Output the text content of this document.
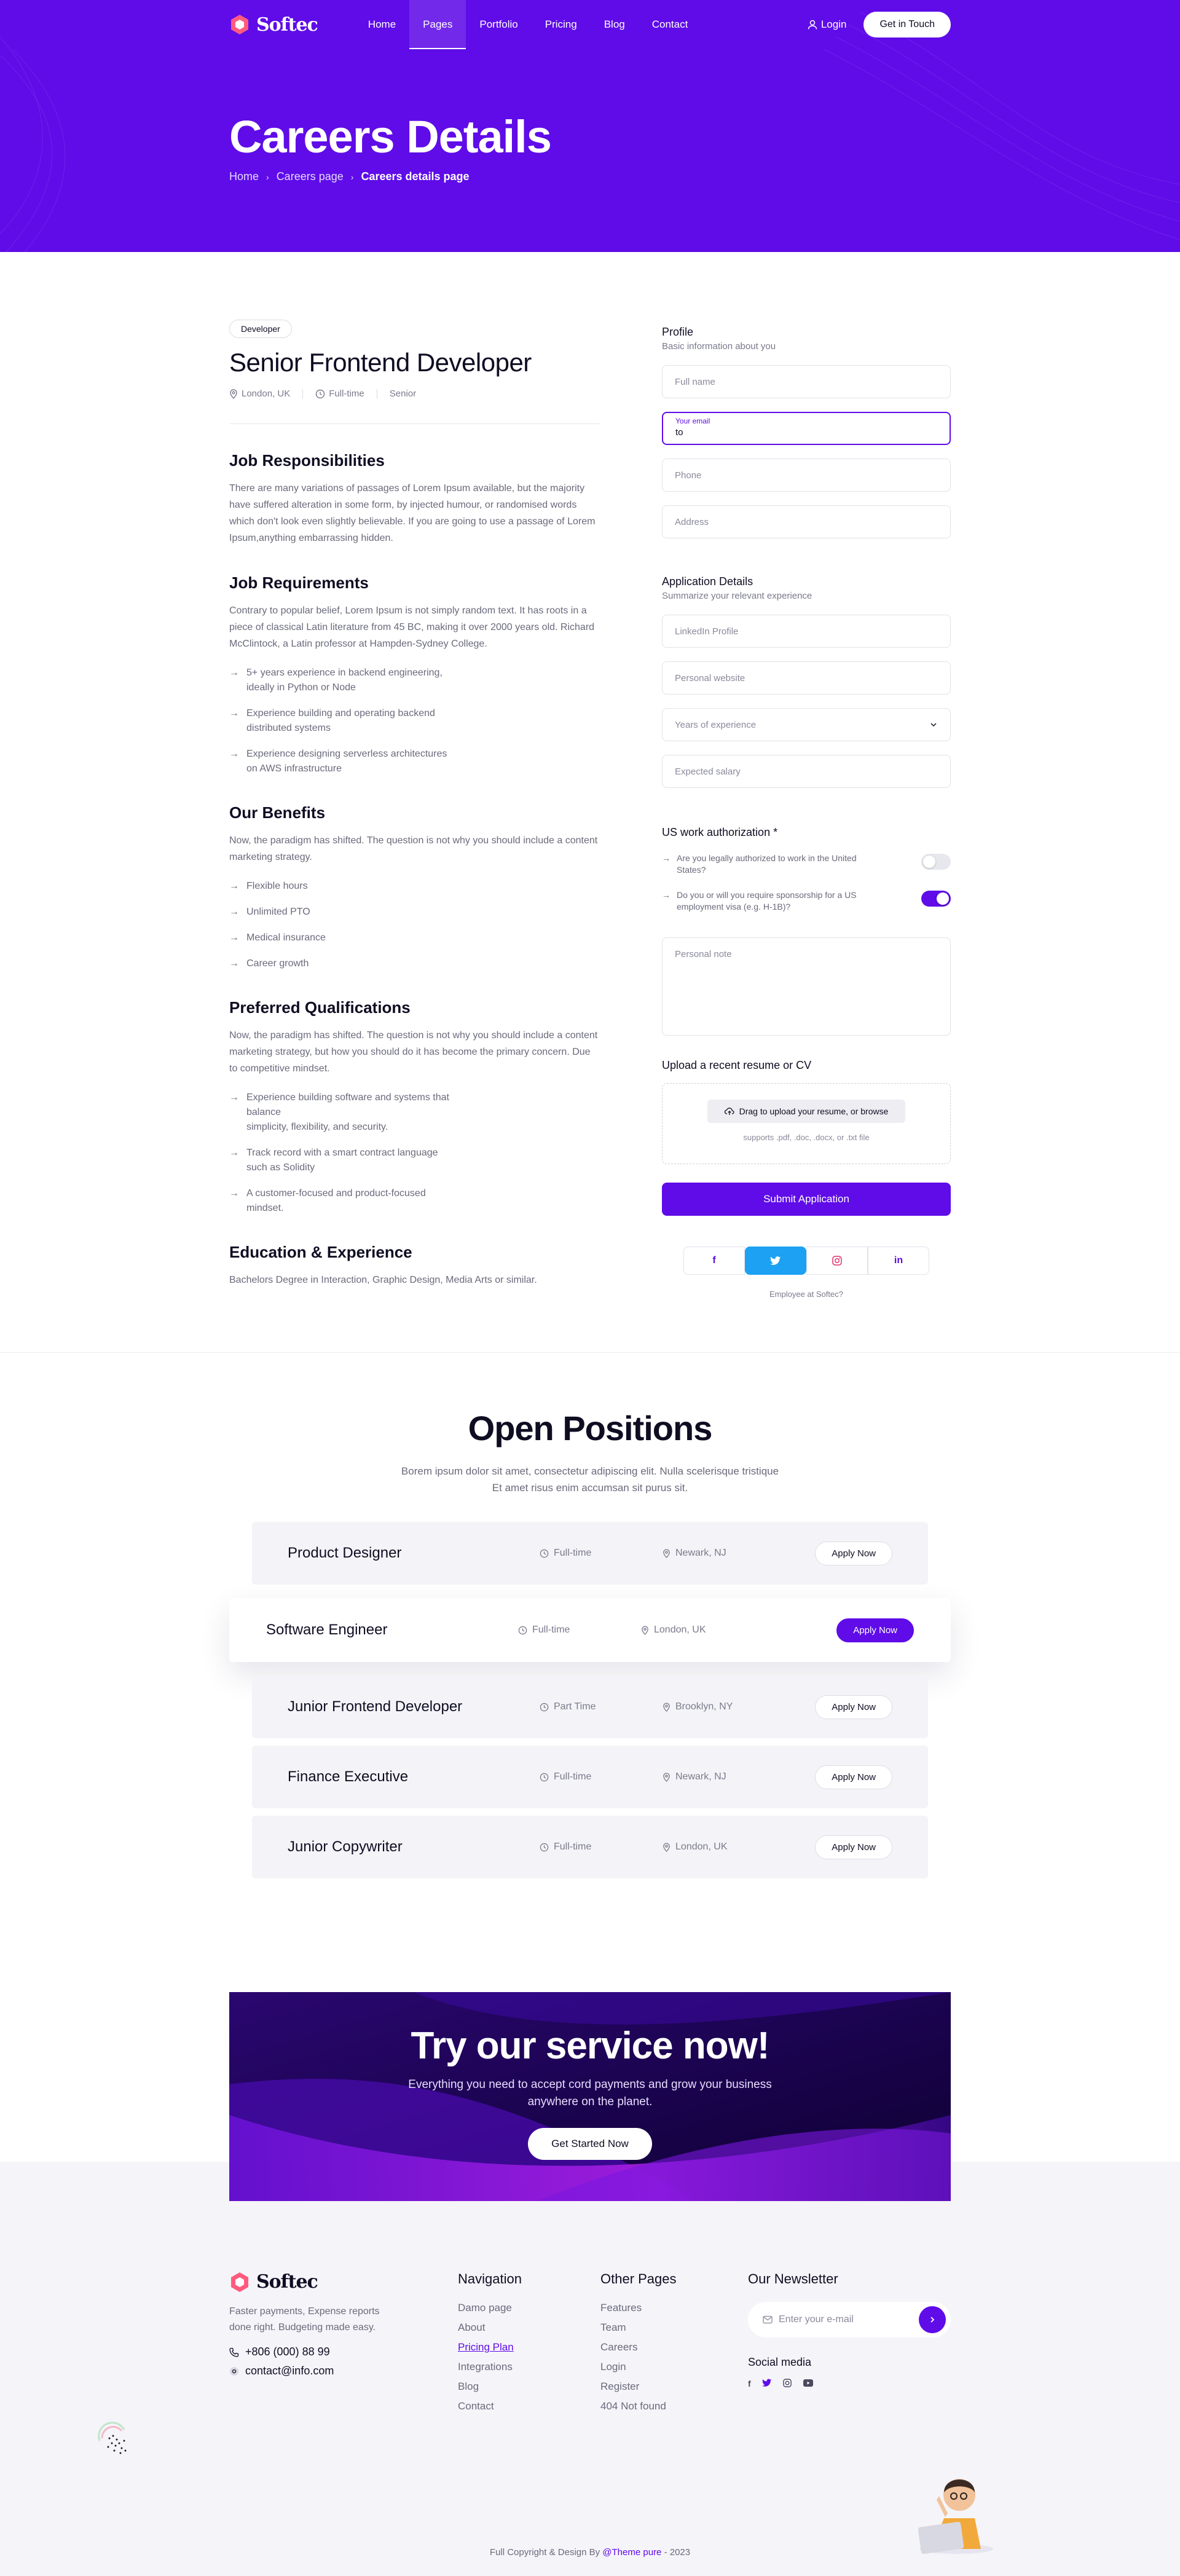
Softec	Home	Pages	Portfolio	Pricing	Blog	Contact	Login	Get in Touch
Careers Details
Home › Careers page › Careers details page
Developer
Senior Frontend Developer
London, UK	Full-time	Senior
Job Responsibilities

There are many variations of passages of Lorem Ipsum available, but the majority have suffered alteration in some form, by injected humour, or randomised words which don't look even slightly believable. If you are going to use a passage of Lorem Ipsum,anything embarrassing hidden.

Job Requirements

Contrary to popular belief, Lorem Ipsum is not simply random text. It has roots in a piece of classical Latin literature from 45 BC, making it over 2000 years old. Richard McClintock, a Latin professor at Hampden-Sydney College.

→ 5+ years experience in backend engineering,
ideally in Python or Node
→ Experience building and operating backend
distributed systems
→ Experience designing serverless architectures
on AWS infrastructure
Our Benefits

Now, the paradigm has shifted. The question is not why you should include a content marketing strategy.

→ Flexible hours
→ Unlimited PTO
→ Medical insurance
→ Career growth
Preferred Qualifications

Now, the paradigm has shifted. The question is not why you should include a content marketing strategy, but how you should do it has become the primary concern. Due to competitive mindset.

→ Experience building software and systems that balance
simplicity, flexibility, and security.
→ Track record with a smart contract language
such as Solidity
→ A customer-focused and product-focused mindset.
Education & Experience

Bachelors Degree in Interaction, Graphic Design, Media Arts or similar.

Profile
Basic information about you
Full name
Your email
to
Phone
Address
Application Details
Summarize your relevant experience
LinkedIn Profile
Personal website
Years of experience
Expected salary
US work authorization *
→ Are you legally authorized to work in the United States?
→ Do you or will you require sponsorship for a US employment visa (e.g. H-1B)?
Personal note
Upload a recent resume or CV
Drag to upload your resume, or browse
supports .pdf, .doc, .docx, or .txt file
Submit Application
f	in
Employee at Softec?
Open Positions
Borem ipsum dolor sit amet, consectetur adipiscing elit. Nulla scelerisque tristique
Et amet risus enim accumsan sit purus sit.
Product Designer	Full-time	Newark, NJ	Apply Now
Software Engineer	Full-time	London, UK	Apply Now
Junior Frontend Developer	Part Time	Brooklyn, NY	Apply Now
Finance Executive	Full-time	Newark, NJ	Apply Now
Junior Copywriter	Full-time	London, UK	Apply Now
Try our service now!

Everything you need to accept cord payments and grow your business
anywhere on the planet.

Get Started Now
Softec
Faster payments, Expense reports
done right. Budgeting made easy.
+806 (000) 88 99
contact@info.com
Navigation
Damo page
About
Pricing Plan
Integrations
Blog
Contact
Other Pages
Features
Team
Careers
Login
Register
404 Not found
Our Newsletter
Enter your e-mail
Social media
f
Full Copyright & Design By @Theme pure - 2023
